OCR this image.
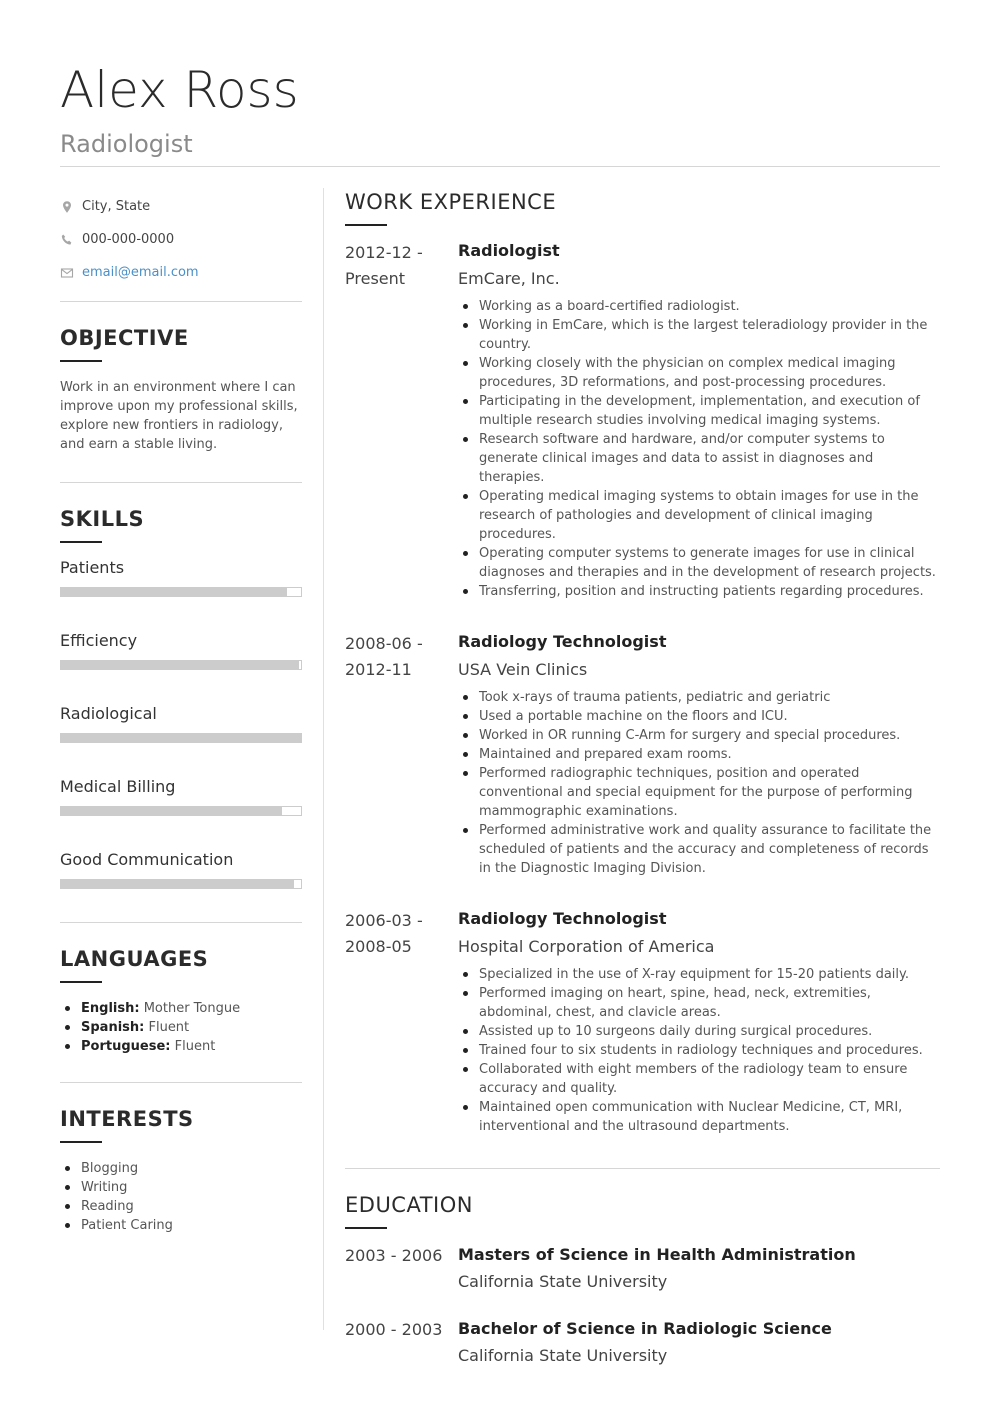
Alex Ross
Radiologist
City, State
000-000-0000
email@email.com
OBJECTIVE
Work in an environment where I can improve upon my professional skills, explore new frontiers in radiology, and earn a stable living.
SKILLS
Patients
Efficiency
Radiological
Medical Billing
Good Communication
LANGUAGES
English: Mother Tongue
Spanish: Fluent
Portuguese: Fluent
INTERESTS
Blogging
Writing
Reading
Patient Caring
WORK EXPERIENCE
2012-12 -
Present
Radiologist
EmCare, Inc.
Working as a board-certified radiologist.
Working in EmCare, which is the largest teleradiology provider in the country.
Working closely with the physician on complex medical imaging procedures, 3D reformations, and post-processing procedures.
Participating in the development, implementation, and execution of multiple research studies involving medical imaging systems.
Research software and hardware, and/or computer systems to generate clinical images and data to assist in diagnoses and therapies.
Operating medical imaging systems to obtain images for use in the research of pathologies and development of clinical imaging procedures.
Operating computer systems to generate images for use in clinical diagnoses and therapies and in the development of research projects.
Transferring, position and instructing patients regarding procedures.
2008-06 -
2012-11
Radiology Technologist
USA Vein Clinics
Took x-rays of trauma patients, pediatric and geriatric
Used a portable machine on the floors and ICU.
Worked in OR running C-Arm for surgery and special procedures.
Maintained and prepared exam rooms.
Performed radiographic techniques, position and operated conventional and special equipment for the purpose of performing mammographic examinations.
Performed administrative work and quality assurance to facilitate the scheduled of patients and the accuracy and completeness of records in the Diagnostic Imaging Division.
2006-03 -
2008-05
Radiology Technologist
Hospital Corporation of America
Specialized in the use of X-ray equipment for 15-20 patients daily.
Performed imaging on heart, spine, head, neck, extremities, abdominal, chest, and clavicle areas.
Assisted up to 10 surgeons daily during surgical procedures.
Trained four to six students in radiology techniques and procedures.
Collaborated with eight members of the radiology team to ensure accuracy and quality.
Maintained open communication with Nuclear Medicine, CT, MRI, interventional and the ultrasound departments.
EDUCATION
2003 - 2006 Masters of Science in Health Administration
California State University
2000 - 2003 Bachelor of Science in Radiologic Science
California State University
